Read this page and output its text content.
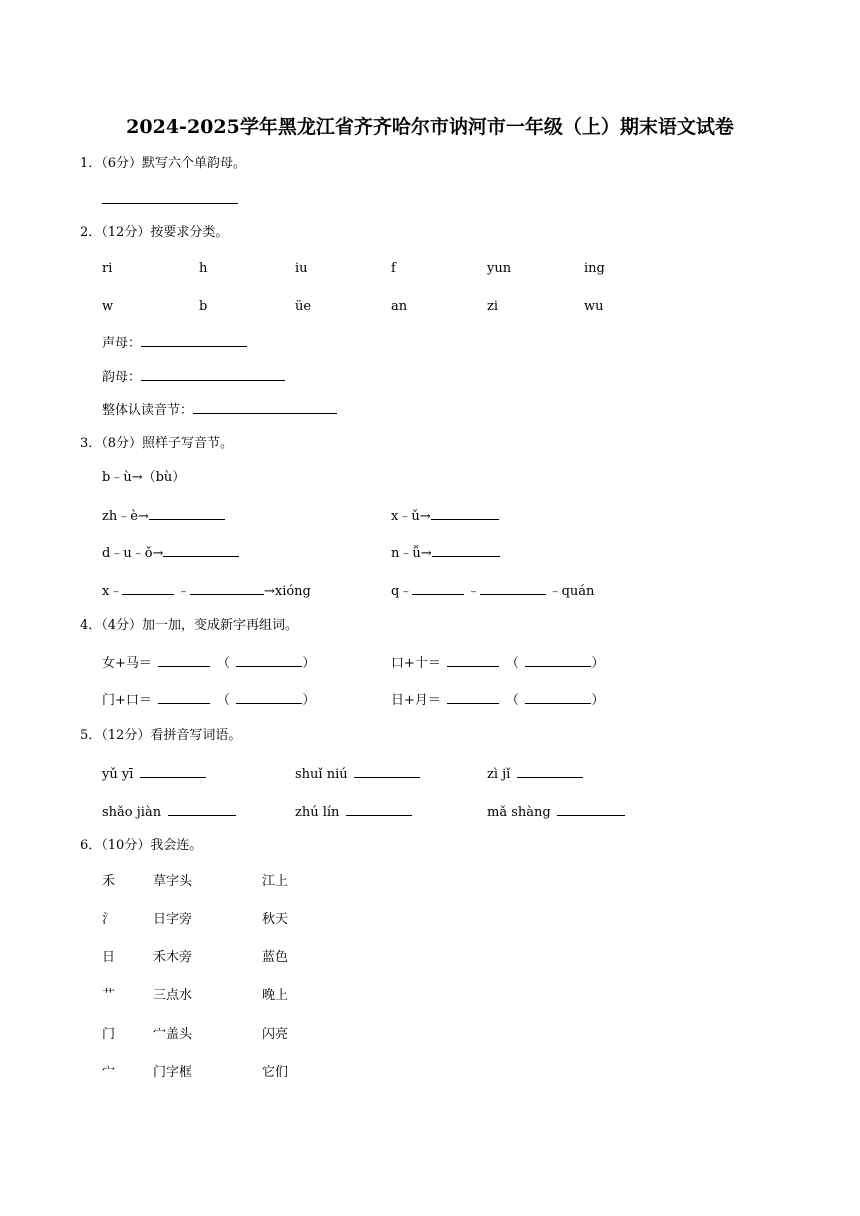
2024-2025学年黑龙江省齐齐哈尔市讷河市一年级（上）期末语文试卷
1．（6分）默写六个单韵母。
2．（12分）按要求分类。
ri	h	iu	f	yun	ing
w	b	üe	an	zi	wu
声母：
韵母：
整体认读音节：
3．（8分）照样子写音节。
b﹣ù→（bù）
zh﹣è→	x﹣ǔ→
d﹣u﹣ǒ→	n﹣ǚ→
x﹣ 	﹣	→xióng	q﹣ 	﹣ 	﹣quán
4．（4分）加一加，变成新字再组词。
女+马＝  	（ 	）	口+十＝  	（ 	）
门+口＝  	（ 	）	日+月＝  	（ 	）
5．（12分）看拼音写词语。
yǔ yī 	shuǐ niú 	zì jǐ 
shǎo jiàn 	zhú lín 	mǎ shàng 
6．（10分）我会连。
禾	草字头	江上
氵	日字旁	秋天
日	禾木旁	蓝色
艹	三点水	晚上
门	宀盖头	闪亮
宀	门字框	它们
